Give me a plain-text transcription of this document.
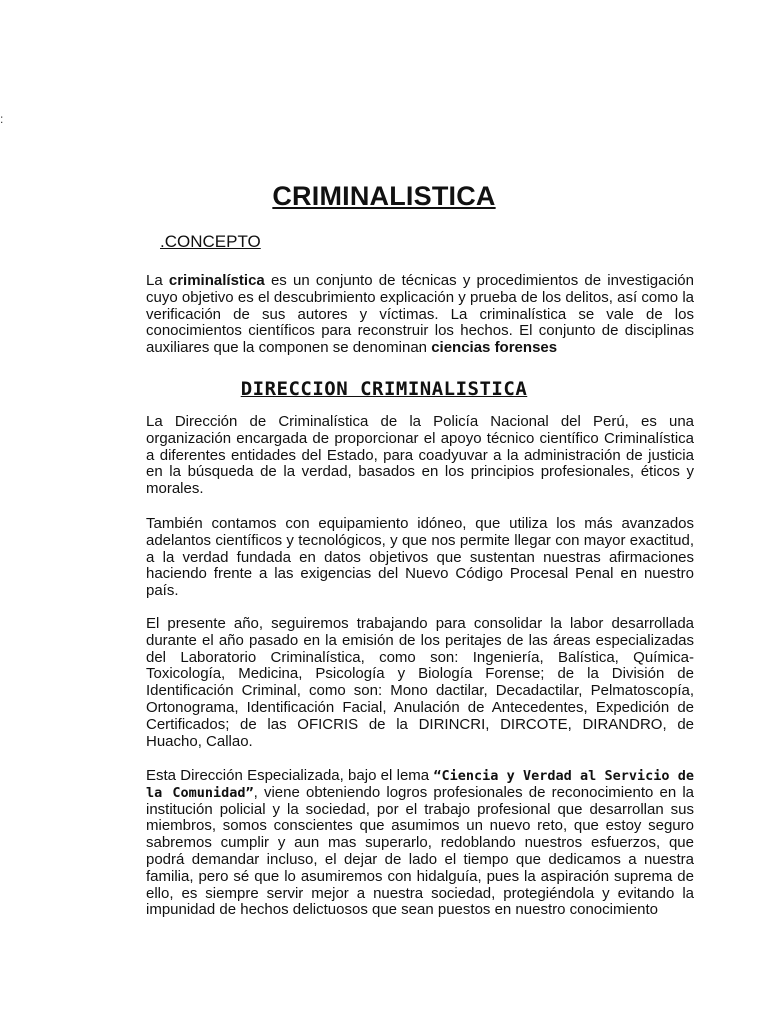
:
CRIMINALISTICA
.CONCEPTO

La criminalística es un conjunto de técnicas y procedimientos de investigación cuyo objetivo es el descubrimiento explicación y prueba de los delitos, así como la verificación de sus autores y víctimas. La criminalística se vale de los conocimientos científicos para reconstruir los hechos. El conjunto de disciplinas auxiliares que la componen se denominan ciencias forenses

DIRECCION CRIMINALISTICA

La Dirección de Criminalística de la Policía Nacional del Perú, es una organización encargada de proporcionar el apoyo técnico científico Criminalística a diferentes entidades del Estado, para coadyuvar a la administración de justicia en la búsqueda de la verdad, basados en los principios profesionales, éticos y morales.

También contamos con equipamiento idóneo, que utiliza los más avanzados adelantos científicos y tecnológicos, y que nos permite llegar con mayor exactitud, a la verdad fundada en datos objetivos que sustentan nuestras afirmaciones haciendo frente a las exigencias del Nuevo Código Procesal Penal en nuestro país.

El presente año, seguiremos trabajando para consolidar la labor desarrollada durante el año pasado en la emisión de los peritajes de las áreas especializadas del Laboratorio Criminalística, como son: Ingeniería, Balística, Química-Toxicología, Medicina, Psicología y Biología Forense; de la División de Identificación Criminal, como son: Mono dactilar, Decadactilar, Pelmatoscopía, Ortonograma, Identificación Facial, Anulación de Antecedentes, Expedición de Certificados; de las OFICRIS de la DIRINCRI, DIRCOTE, DIRANDRO, de Huacho, Callao.

Esta Dirección Especializada, bajo el lema “Ciencia y Verdad al Servicio de la Comunidad”, viene obteniendo logros profesionales de reconocimiento en la institución policial y la sociedad, por el trabajo profesional que desarrollan sus miembros, somos conscientes que asumimos un nuevo reto, que estoy seguro sabremos cumplir y aun mas superarlo, redoblando nuestros esfuerzos, que podrá demandar incluso, el dejar de lado el tiempo que dedicamos a nuestra familia, pero sé que lo asumiremos con hidalguía, pues la aspiración suprema de ello, es siempre servir mejor a nuestra sociedad, protegiéndola y evitando la impunidad de hechos delictuosos que sean puestos en nuestro conocimiento
